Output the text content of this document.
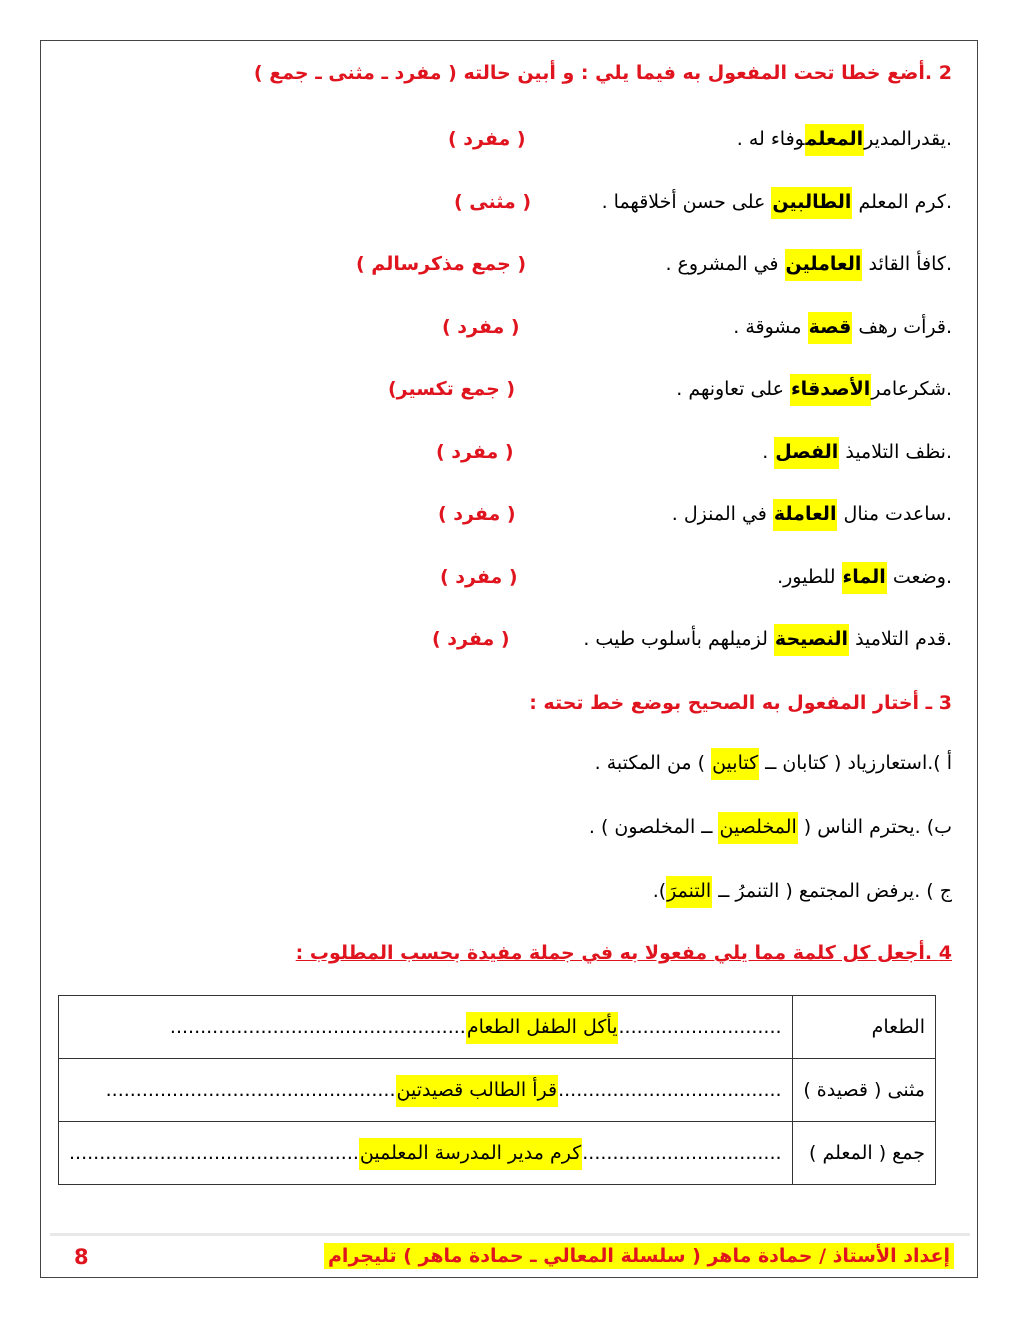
2 .أضع خطا تحت المفعول به فيما يلي : و أبين حالته ( مفرد ـ مثنى ـ جمع )
.يقدرالمديرالمعلموفاء له .
( مفرد )
.كرم المعلم الطالبين على حسن أخلاقهما .
( مثنى )
.كافأ القائد العاملين في المشروع .
( جمع مذكرسالم )
.قرأت رهف قصة مشوقة .
( مفرد )
.شكرعامرالأصدقاء على تعاونهم .
( جمع تكسير)
.نظف التلاميذ الفصل .
( مفرد )
.ساعدت منال العاملة في المنزل .
( مفرد )
.وضعت الماء للطيور.
( مفرد )
.قدم التلاميذ النصيحة لزميلهم بأسلوب طيب .
( مفرد )
3 ـ أختار المفعول به الصحيح بوضع خط تحته :
أ ).استعارزياد ( كتابان ــ كتابين ) من المكتبة .
ب) .يحترم الناس ( المخلصين ــ المخلصون ) .
ج ) .يرفض المجتمع ( التنمرُ ــ التنمرَ).
4 .أجعل كل كلمة مما يلي مفعولا به في جملة مفيدة بحسب المطلوب :
الطعام	...........................يأكل الطفل الطعام.................................................
مثنى ( قصيدة )	.....................................قرأ الطالب قصيدتين................................................
جمع ( المعلم )	.................................كرم مدير المدرسة المعلمين................................................
إعداد الأستاذ / حمادة ماهر ( سلسلة المعالي ـ حمادة ماهر ) تليجرام
8
